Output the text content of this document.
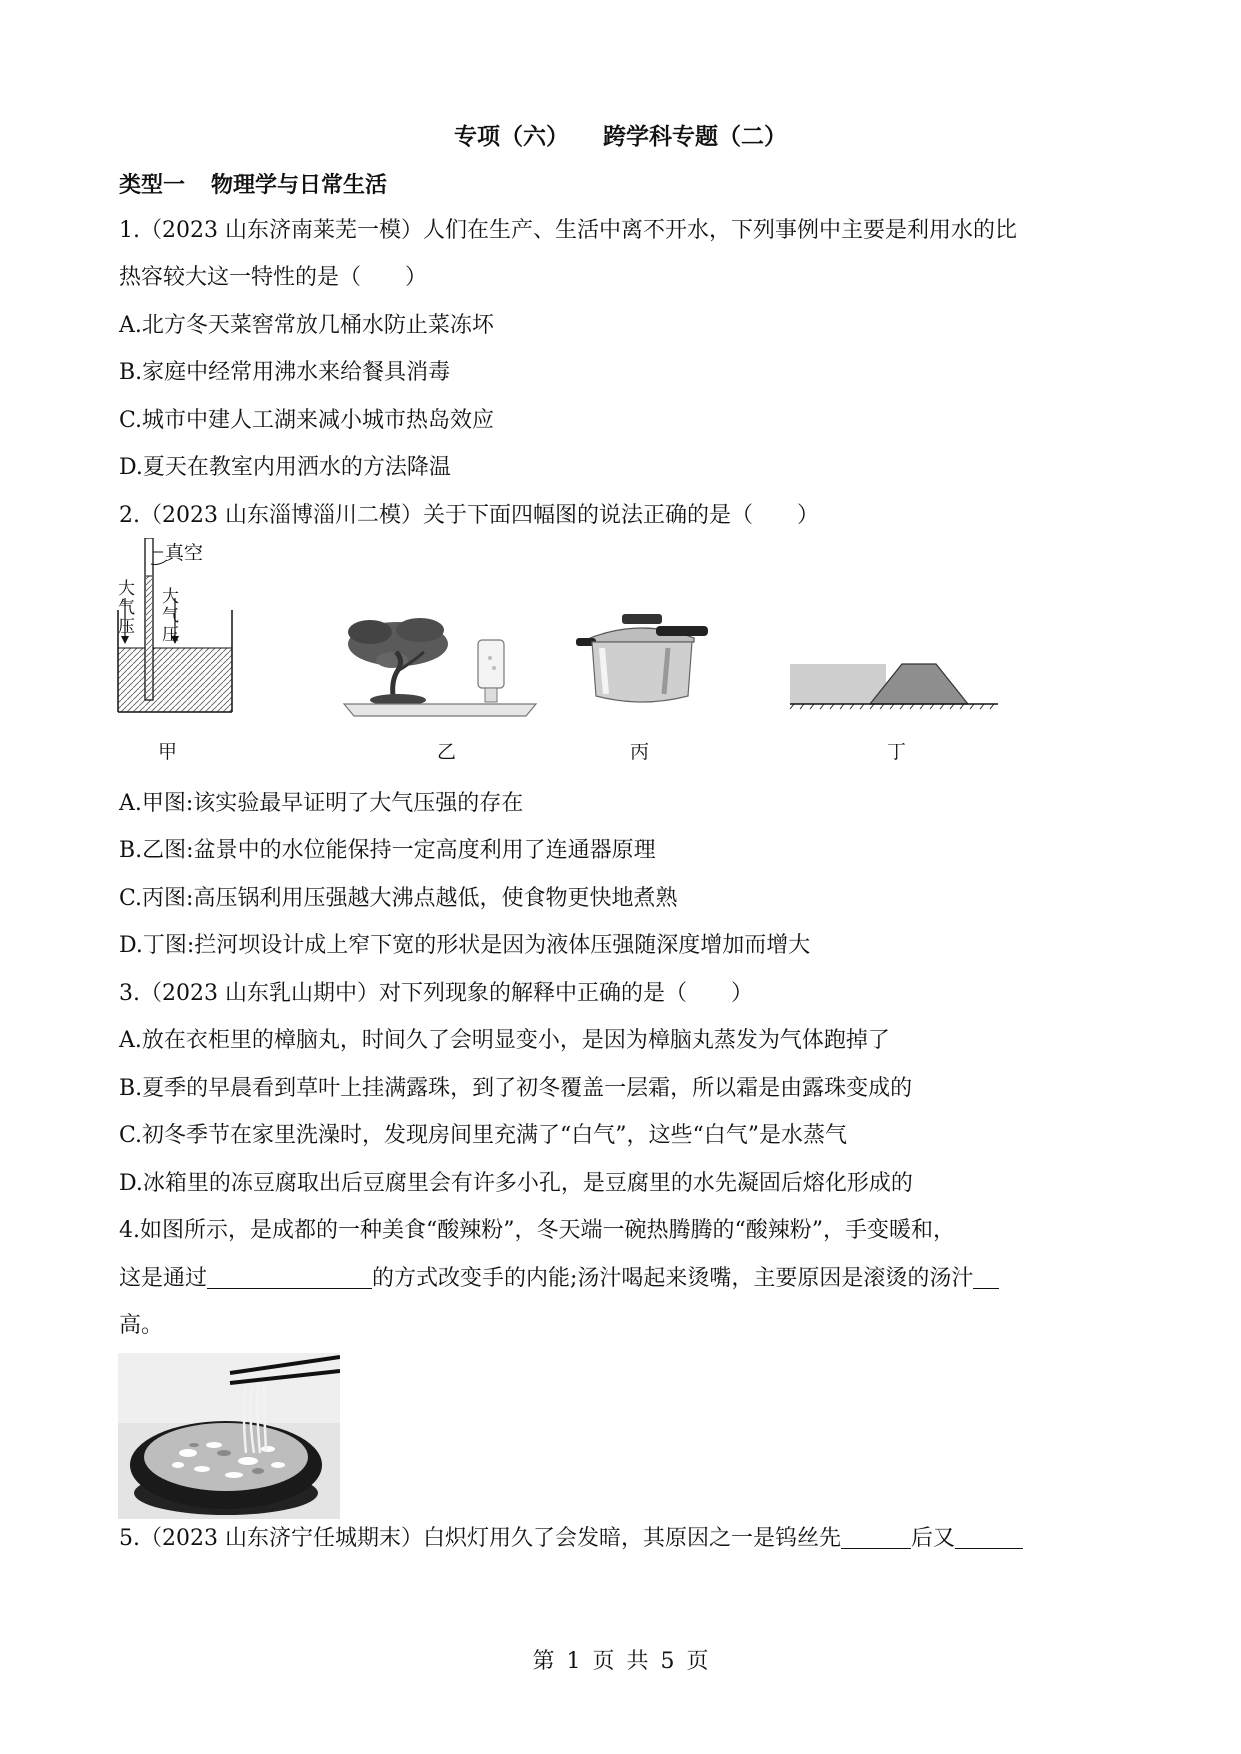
专项（六） 跨学科专题（二）
类型一 物理学与日常生活
1.（2023 山东济南莱芜一模）人们在生产、生活中离不开水，下列事例中主要是利用水的比
热容较大这一特性的是（　　）
A.北方冬天菜窖常放几桶水防止菜冻坏
B.家庭中经常用沸水来给餐具消毒
C.城市中建人工湖来减小城市热岛效应
D.夏天在教室内用洒水的方法降温
2.（2023 山东淄博淄川二模）关于下面四幅图的说法正确的是（　　）
真空
大气压
大气压
甲	乙	丙	丁
A.甲图:该实验最早证明了大气压强的存在
B.乙图:盆景中的水位能保持一定高度利用了连通器原理
C.丙图:高压锅利用压强越大沸点越低，使食物更快地煮熟
D.丁图:拦河坝设计成上窄下宽的形状是因为液体压强随深度增加而增大
3.（2023 山东乳山期中）对下列现象的解释中正确的是（　　）
A.放在衣柜里的樟脑丸，时间久了会明显变小，是因为樟脑丸蒸发为气体跑掉了
B.夏季的早晨看到草叶上挂满露珠，到了初冬覆盖一层霜，所以霜是由露珠变成的
C.初冬季节在家里洗澡时，发现房间里充满了“白气”，这些“白气”是水蒸气
D.冰箱里的冻豆腐取出后豆腐里会有许多小孔，是豆腐里的水先凝固后熔化形成的
4.如图所示，是成都的一种美食“酸辣粉”，冬天端一碗热腾腾的“酸辣粉”，手变暖和，
这是通过	的方式改变手的内能;汤汁喝起来烫嘴，主要原因是滚烫的汤汁
高。
5.（2023 山东济宁任城期末）白炽灯用久了会发暗，其原因之一是钨丝先	后又
第 1 页 共 5 页
